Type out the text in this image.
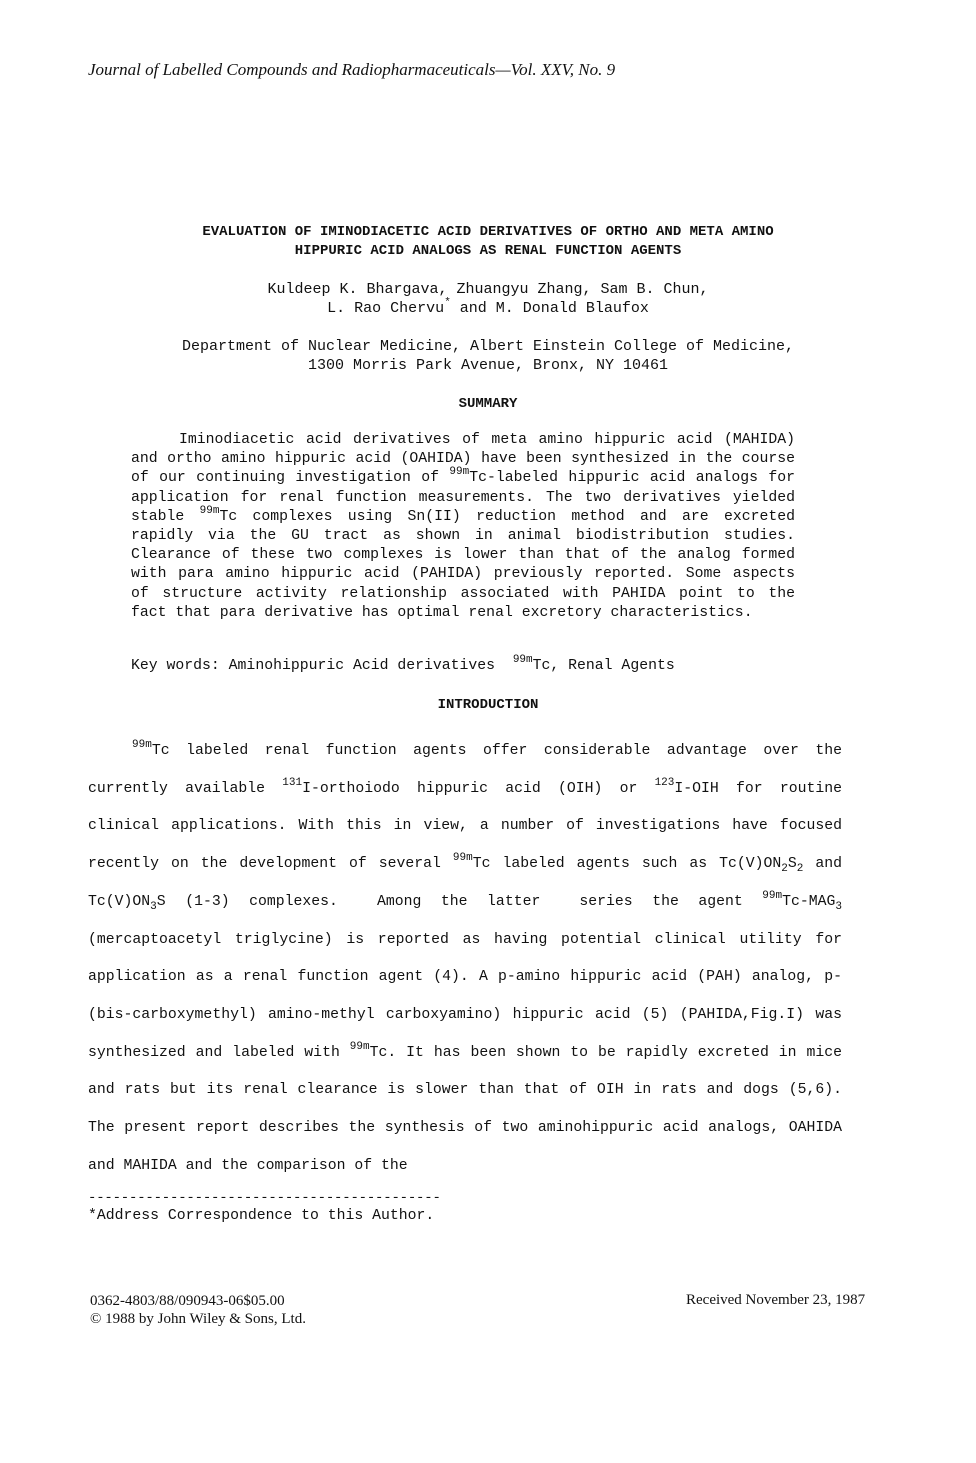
Journal of Labelled Compounds and Radiopharmaceuticals—Vol. XXV, No. 9
EVALUATION OF IMINODIACETIC ACID DERIVATIVES OF ORTHO AND META AMINO
HIPPURIC ACID ANALOGS AS RENAL FUNCTION AGENTS
Kuldeep K. Bhargava, Zhuangyu Zhang, Sam B. Chun,
L. Rao Chervu* and M. Donald Blaufox
Department of Nuclear Medicine, Albert Einstein College of Medicine,
1300 Morris Park Avenue, Bronx, NY 10461
SUMMARY
Iminodiacetic acid derivatives of meta amino hippuric acid (MAHIDA) and ortho amino hippuric acid (OAHIDA) have been synthesized in the course of our continuing investigation of $^{99m}$Tc-labeled hippuric acid analogs for application for renal function measurements. The two derivatives yielded stable $^{99m}$Tc complexes using Sn(II) reduction method and are excreted rapidly via the GU tract as shown in animal biodistribution studies. Clearance of these two complexes is lower than that of the analog formed with para amino hippuric acid (PAHIDA) previously reported. Some aspects of structure activity relationship associated with PAHIDA point to the fact that para derivative has optimal renal excretory characteristics.
Key words: Aminohippuric Acid derivatives  $^{99m}$Tc, Renal Agents
INTRODUCTION
$^{99m}$Tc labeled renal function agents offer considerable advantage over the currently available $^{131}$I-orthoiodo hippuric acid (OIH) or $^{123}$I-OIH for routine clinical applications. With this in view, a number of investigations have focused recently on the development of several $^{99m}$Tc labeled agents such as $Tc(V)ON_2S_2$ and $Tc(V)ON_3S$ (1-3) complexes.  Among the latter  series the agent $^{99m}Tc-MAG_3$ (mercaptoacetyl triglycine) is reported as having potential clinical utility for application as a renal function agent (4). A p-amino hippuric acid (PAH) analog, p-(bis-carboxymethyl) amino-methyl carboxyamino) hippuric acid (5) (PAHIDA,Fig.I) was synthesized and labeled with $^{99m}$Tc. It has been shown to be rapidly excreted in mice and rats but its renal clearance is slower than that of OIH in rats and dogs (5,6). The present report describes the synthesis of two aminohippuric acid analogs, OAHIDA and MAHIDA and the comparison of the
-------------------------------------------
*Address Correspondence to this Author.
0362-4803/88/090943-06$05.00
© 1988 by John Wiley & Sons, Ltd.
Received November 23, 1987
